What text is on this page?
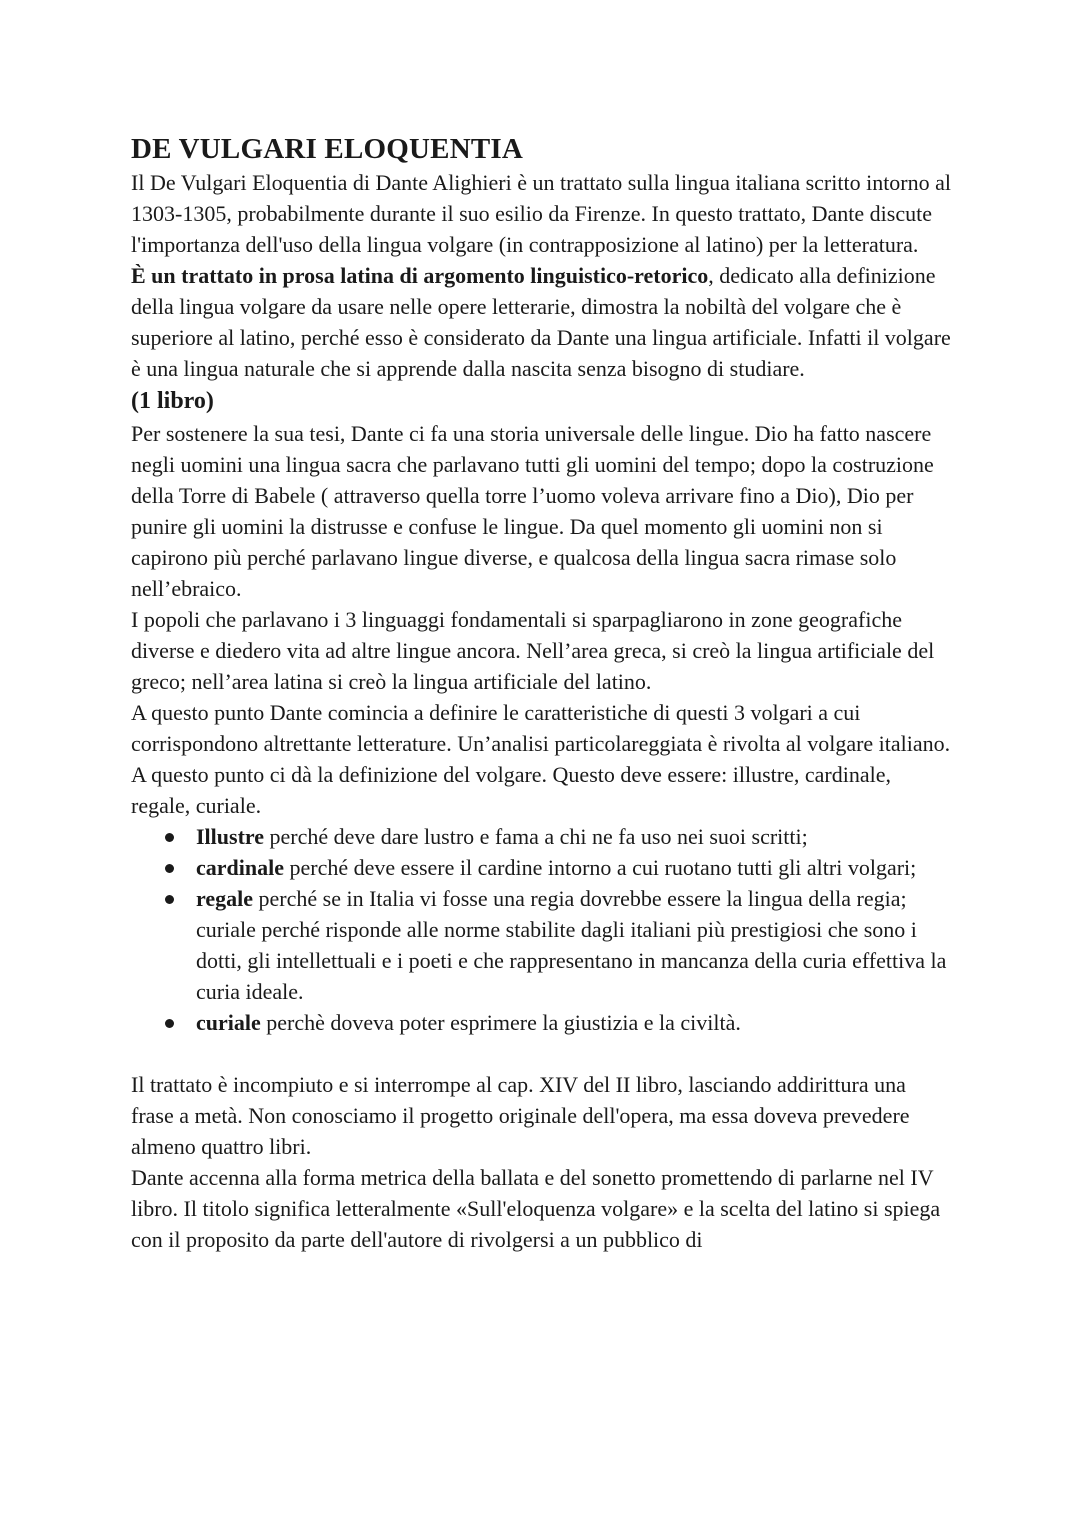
DE VULGARI ELOQUENTIA

Il De Vulgari Eloquentia di Dante Alighieri è un trattato sulla lingua italiana scritto intorno al 1303-1305, probabilmente durante il suo esilio da Firenze. In questo trattato, Dante discute l'importanza dell'uso della lingua volgare (in contrapposizione al latino) per la letteratura.

È un trattato in prosa latina di argomento linguistico-retorico, dedicato alla definizione della lingua volgare da usare nelle opere letterarie, dimostra la nobiltà del volgare che è superiore al latino, perché esso è considerato da Dante una lingua artificiale. Infatti il volgare è una lingua naturale che si apprende dalla nascita senza bisogno di studiare.

(1 libro)

Per sostenere la sua tesi, Dante ci fa una storia universale delle lingue. Dio ha fatto nascere negli uomini una lingua sacra che parlavano tutti gli uomini del tempo; dopo la costruzione della Torre di Babele ( attraverso quella torre l’uomo voleva arrivare fino a Dio), Dio per punire gli uomini la distrusse e confuse le lingue. Da quel momento gli uomini non si capirono più perché parlavano lingue diverse, e qualcosa della lingua sacra rimase solo nell’ebraico.

I popoli che parlavano i 3 linguaggi fondamentali si sparpagliarono in zone geografiche diverse e diedero vita ad altre lingue ancora. Nell’area greca, si creò la lingua artificiale del greco; nell’area latina si creò la lingua artificiale del latino.

A questo punto Dante comincia a definire le caratteristiche di questi 3 volgari a cui corrispondono altrettante letterature. Un’analisi particolareggiata è rivolta al volgare italiano.

A questo punto ci dà la definizione del volgare. Questo deve essere: illustre, cardinale, regale, curiale.

Illustre perché deve dare lustro e fama a chi ne fa uso nei suoi scritti;
cardinale perché deve essere il cardine intorno a cui ruotano tutti gli altri volgari;
regale perché se in Italia vi fosse una regia dovrebbe essere la lingua della regia; curiale perché risponde alle norme stabilite dagli italiani più prestigiosi che sono i dotti, gli intellettuali e i poeti e che rappresentano in mancanza della curia effettiva la curia ideale.
curiale perchè doveva poter esprimere la giustizia e la civiltà.

Il trattato è incompiuto e si interrompe al cap. XIV del II libro, lasciando addirittura una frase a metà. Non conosciamo il progetto originale dell'opera, ma essa doveva prevedere almeno quattro libri.

Dante accenna alla forma metrica della ballata e del sonetto promettendo di parlarne nel IV libro. Il titolo significa letteralmente «Sull'eloquenza volgare» e la scelta del latino si spiega con il proposito da parte dell'autore di rivolgersi a un pubblico di
